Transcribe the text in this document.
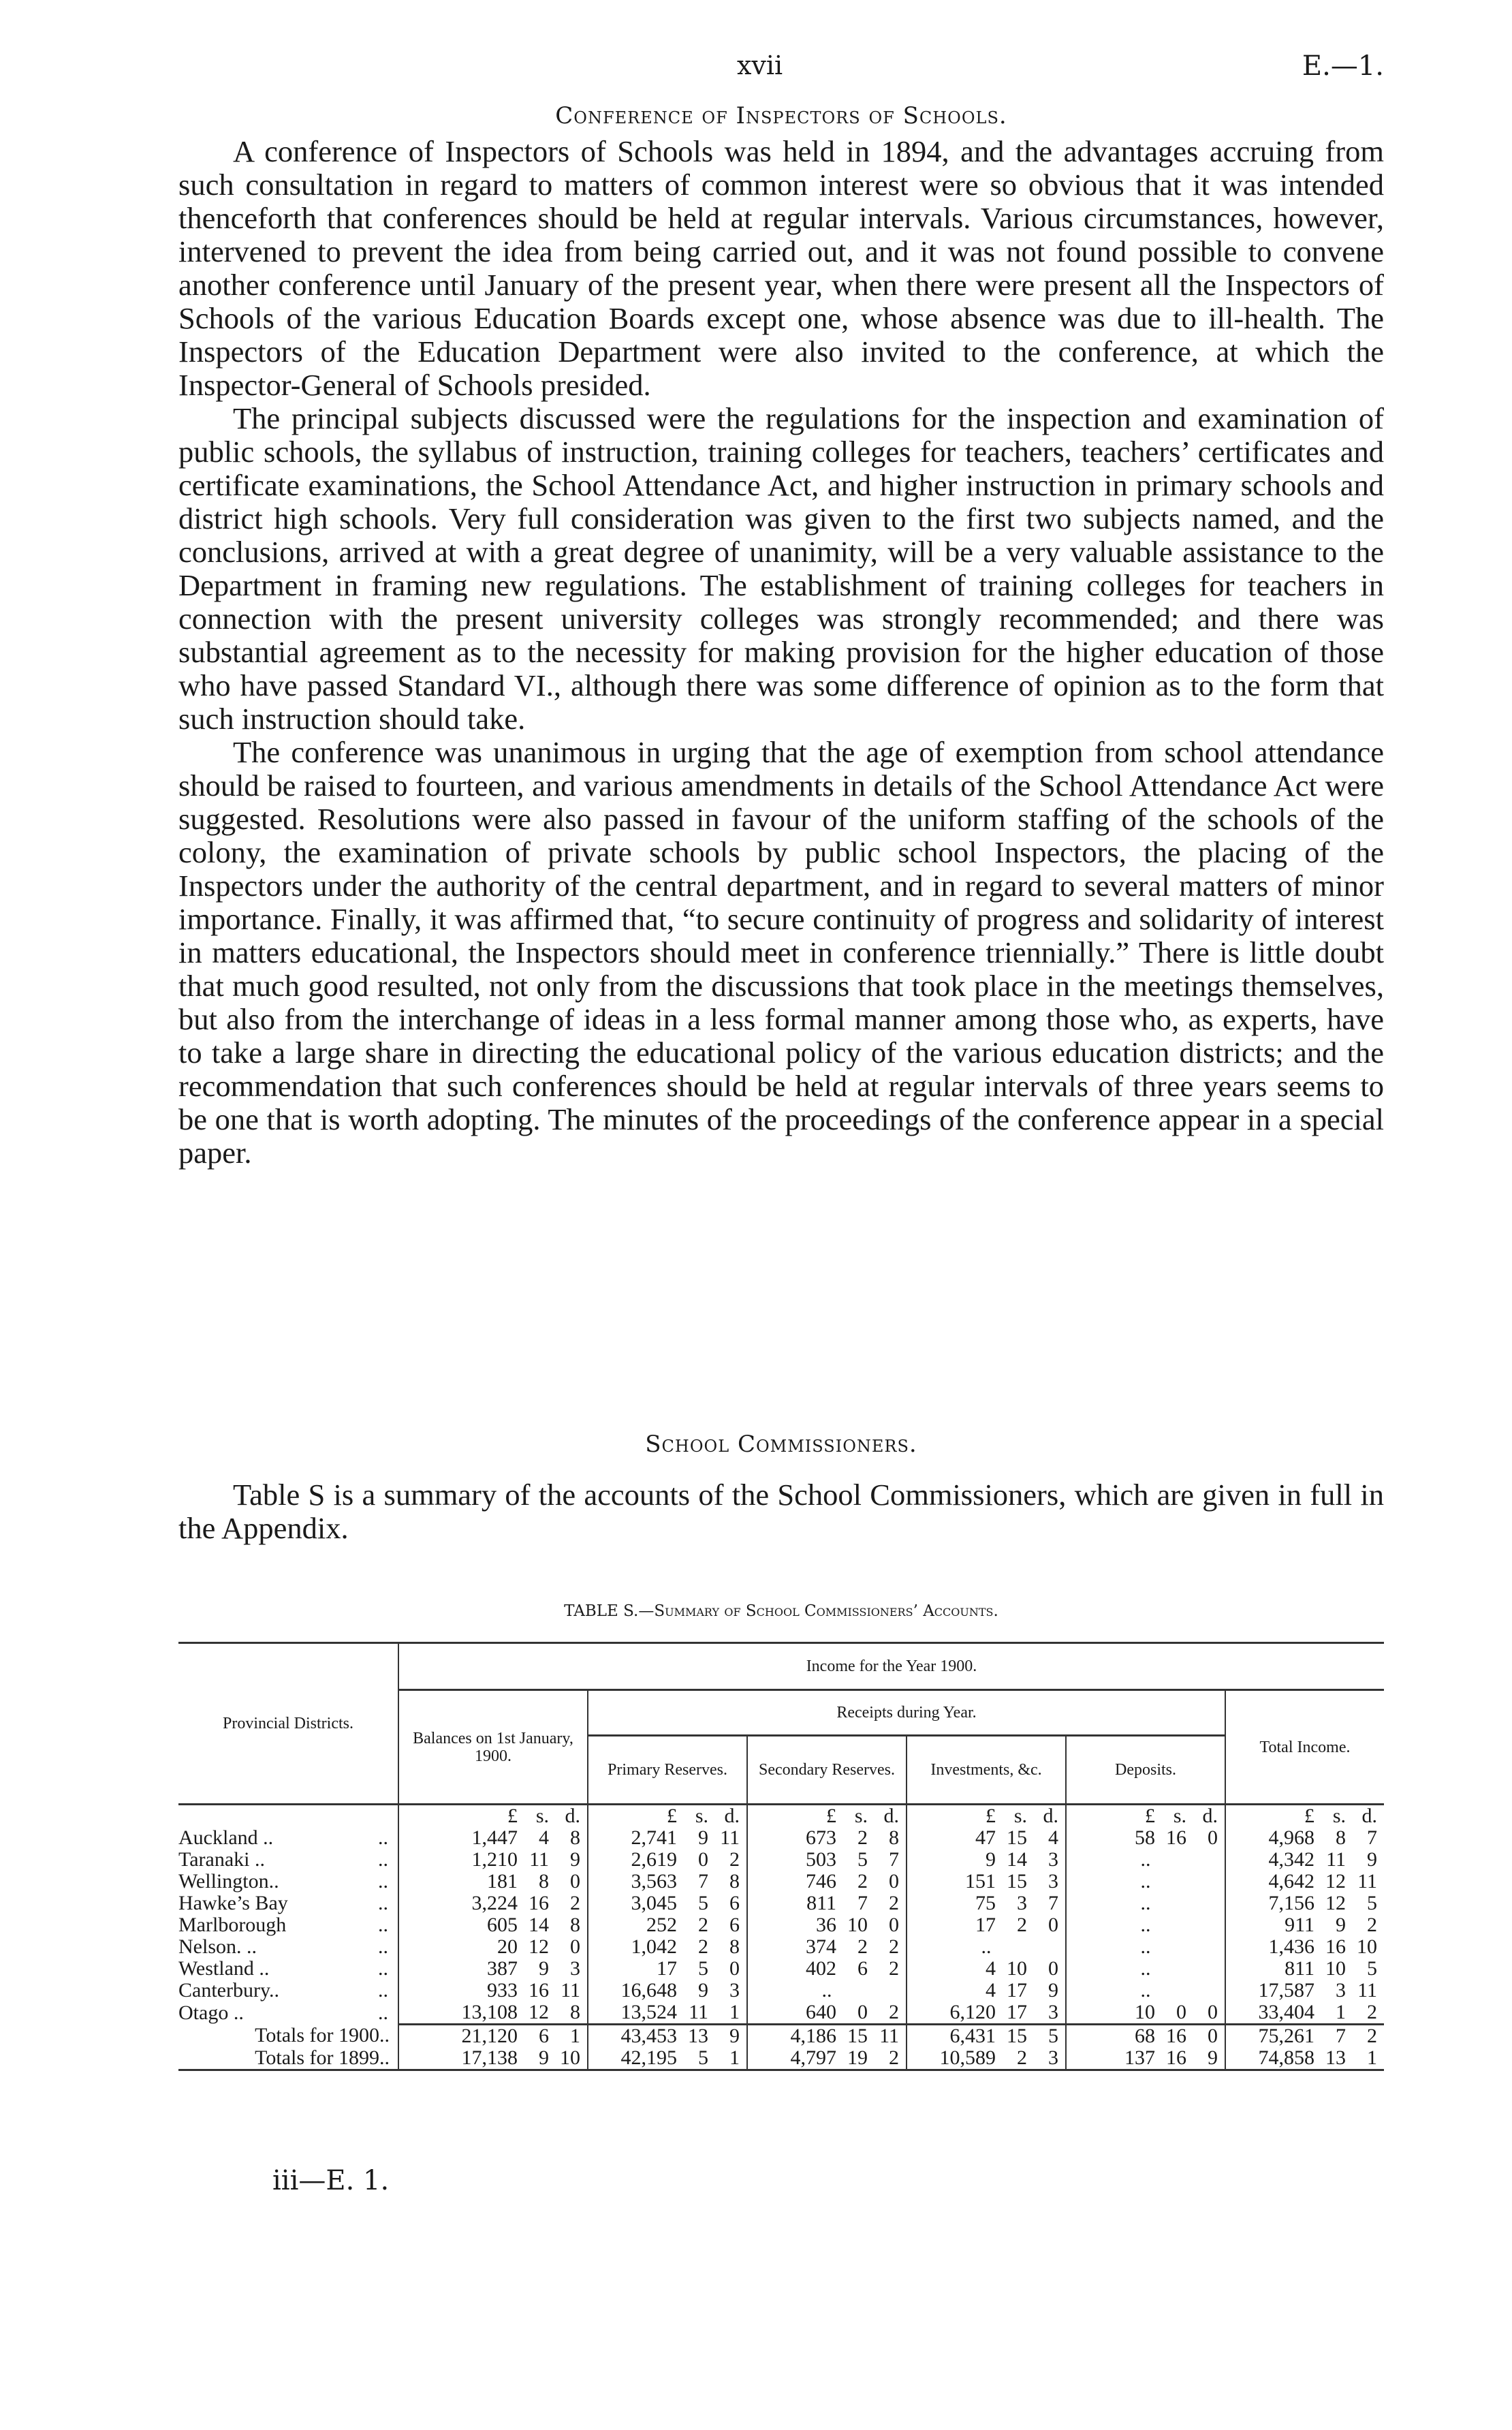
xvii	E.—1.
Conference of Inspectors of Schools.

A conference of Inspectors of Schools was held in 1894, and the advantages accruing from such consultation in regard to matters of common interest were so obvious that it was intended thenceforth that conferences should be held at regular intervals. Various circumstances, however, intervened to prevent the idea from being carried out, and it was not found possible to convene another conference until January of the present year, when there were present all the Inspectors of Schools of the various Education Boards except one, whose absence was due to ill-health. The Inspectors of the Education Department were also invited to the conference, at which the Inspector-General of Schools presided.

The principal subjects discussed were the regulations for the inspection and examination of public schools, the syllabus of instruction, training colleges for teachers, teachers’ certificates and certificate examinations, the School Attendance Act, and higher instruction in primary schools and district high schools. Very full consideration was given to the first two subjects named, and the conclusions, arrived at with a great degree of unanimity, will be a very valuable assistance to the Department in framing new regulations. The establishment of training colleges for teachers in connection with the present university colleges was strongly recommended; and there was substantial agreement as to the necessity for making provision for the higher education of those who have passed Standard VI., although there was some difference of opinion as to the form that such instruction should take.

The conference was unanimous in urging that the age of exemption from school attendance should be raised to fourteen, and various amendments in details of the School Attendance Act were suggested. Resolutions were also passed in favour of the uniform staffing of the schools of the colony, the examination of private schools by public school Inspectors, the placing of the Inspectors under the authority of the central department, and in regard to several matters of minor importance. Finally, it was affirmed that, “to secure continuity of progress and solidarity of interest in matters educational, the Inspectors should meet in conference triennially.” There is little doubt that much good resulted, not only from the discussions that took place in the meetings themselves, but also from the interchange of ideas in a less formal manner among those who, as experts, have to take a large share in directing the educational policy of the various education districts; and the recommendation that such conferences should be held at regular intervals of three years seems to be one that is worth adopting. The minutes of the proceedings of the conference appear in a special paper.

School Commissioners.

Table S is a summary of the accounts of the School Commissioners, which are given in full in the Appendix.

TABLE S.—Summary of School Commissioners’ Accounts.
Provincial Districts.	Income for the Year 1900.					
	Balances on 1st January, 1900.	Receipts during Year.				Total Income.
		Primary Reserves.	Secondary Reserves.	Investments, &c.	Deposits.	

	£ s. d.	£ s. d.	£ s. d.	£ s. d.	£ s. d.	£ s. d.

Auckland .. ..	1,447 4 8	2,741 9 11	673 2 8	47 15 4	58 16 0	4,968 8 7

Taranaki .. ..	1,210 11 9	2,619 0 2	503 5 7	9 14 3	..	4,342 11 9

Wellington.. ..	181 8 0	3,563 7 8	746 2 0	151 15 3	..	4,642 12 11

Hawke’s Bay ..	3,224 16 2	3,045 5 6	811 7 2	75 3 7	..	7,156 12 5

Marlborough ..	605 14 8	252 2 6	36 10 0	17 2 0	..	911 9 2

Nelson. .. ..	20 12 0	1,042 2 8	374 2 2	..	..	1,436 16 10

Westland .. ..	387 9 3	17 5 0	402 6 2	4 10 0	..	811 10 5

Canterbury.. ..	933 16 11	16,648 9 3	..	4 17 9	..	17,587 3 11

Otago .. ..	13,108 12 8	13,524 11 1	640 0 2	6,120 17 3	10 0 0	33,404 1 2

Totals for 1900..	21,120 6 1	43,453 13 9	4,186 15 11	6,431 15 5	68 16 0	75,261 7 2

Totals for 1899..	17,138 9 10	42,195 5 1	4,797 19 2	10,589 2 3	137 16 9	74,858 13 1
iii—E. 1.
